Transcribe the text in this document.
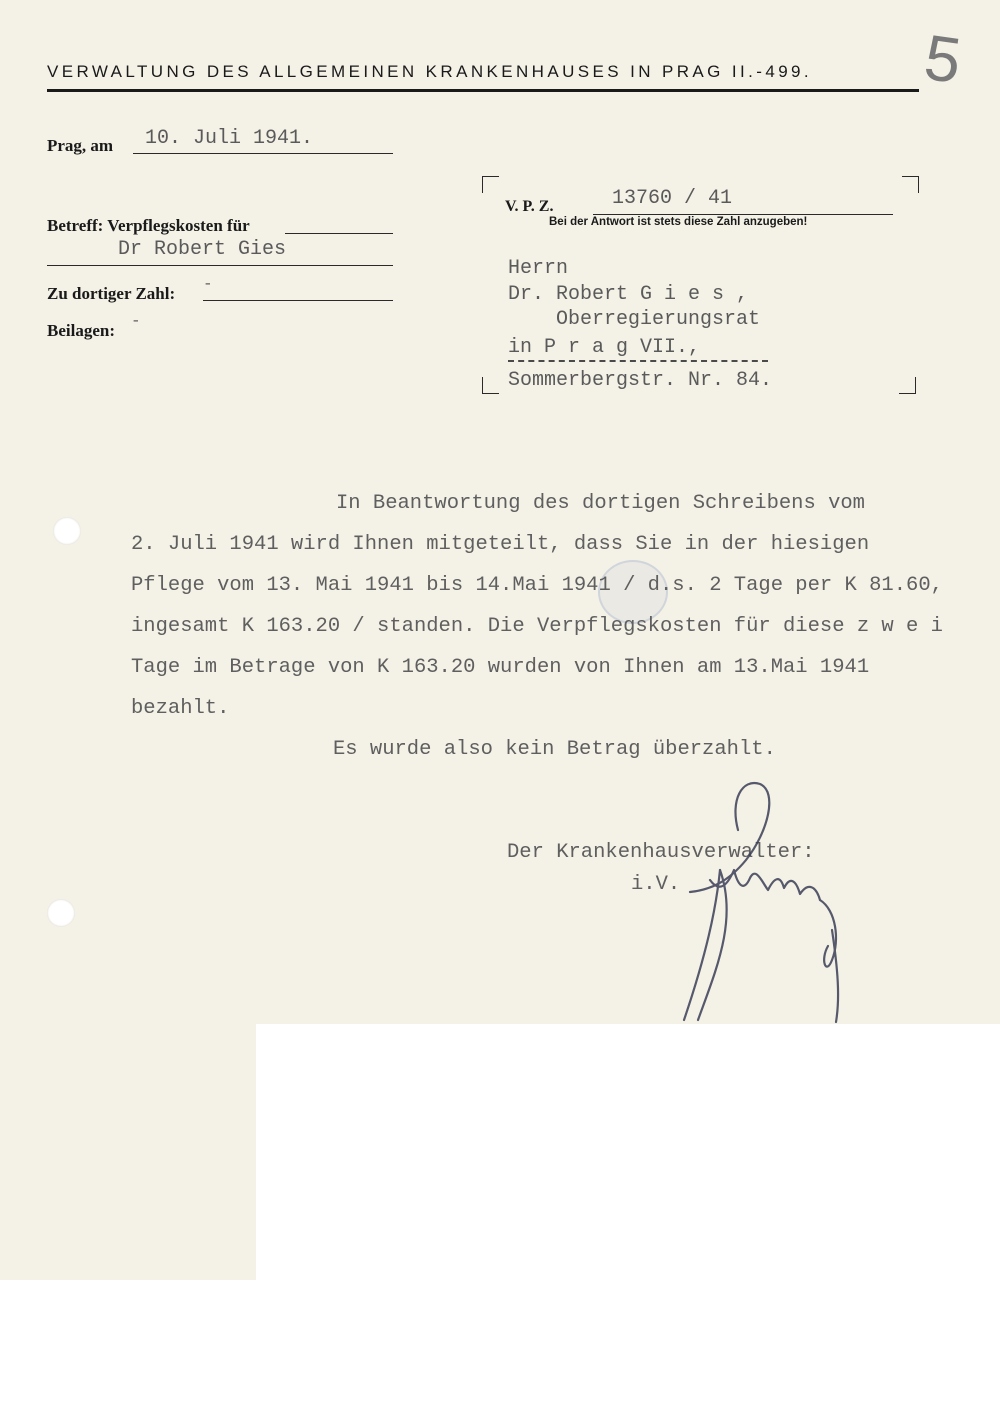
VERWALTUNG DES ALLGEMEINEN KRANKENHAUSES IN PRAG II.-499.	5
Prag, am 10. Juli 1941.
Betreff: Verpflegskosten für
Dr Robert Gies
Zu dortiger Zahl: -
Beilagen: -
V. P. Z.	13760 / 41
Bei der Antwort ist stets diese Zahl anzugeben!
Herrn
Dr. Robert G i e s ,
Oberregierungsrat
in P r a g VII.,
Sommerbergstr. Nr. 84.
In Beantwortung des dortigen Schreibens vom
2. Juli 1941 wird Ihnen mitgeteilt, dass Sie in der hiesigen
Pflege vom 13. Mai 1941 bis 14.Mai 1941 / d.s. 2 Tage per K 81.60,
ingesamt K 163.20 / standen. Die Verpflegskosten für diese z w e i
Tage im Betrage von K 163.20 wurden von Ihnen am 13.Mai 1941
bezahlt.
Es wurde also kein Betrag überzahlt.
Der Krankenhausverwalter:
i.V.
